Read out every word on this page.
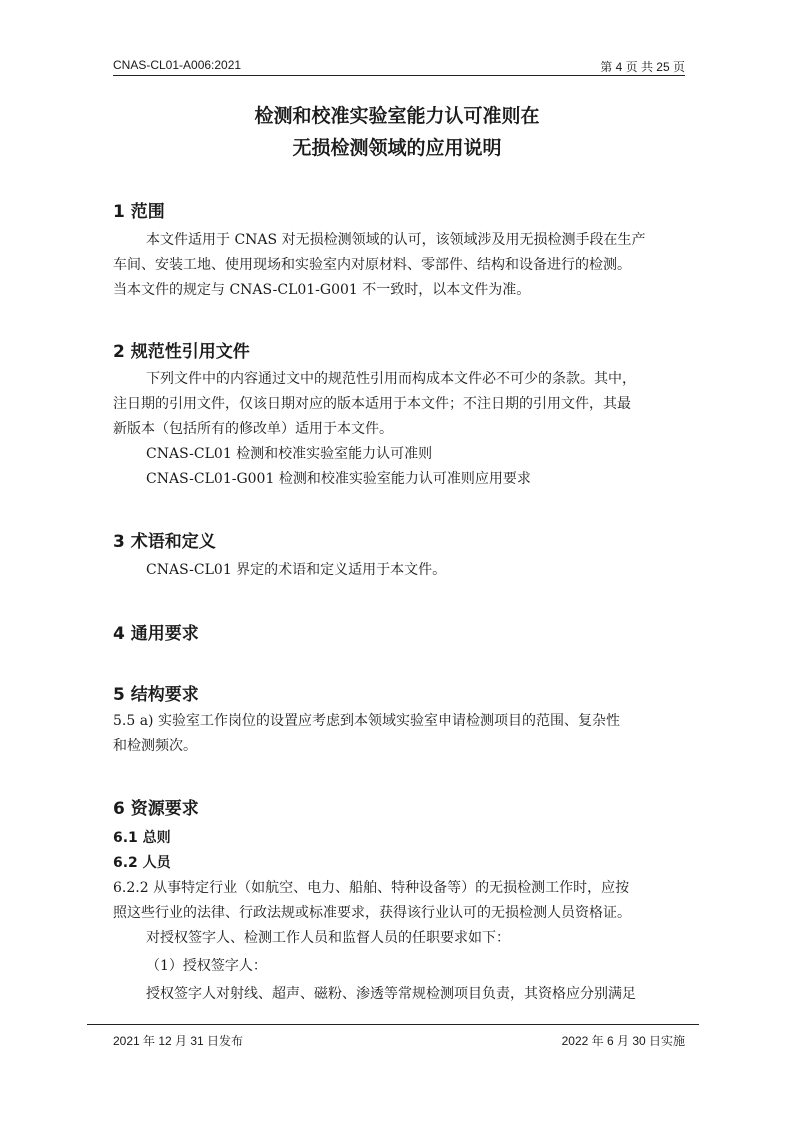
CNAS-CL01-A006:2021	第 4 页 共 25 页
检测和校准实验室能力认可准则在
无损检测领域的应用说明
1 范围
本文件适用于 CNAS 对无损检测领域的认可，该领域涉及用无损检测手段在生产
车间、安装工地、使用现场和实验室内对原材料、零部件、结构和设备进行的检测。
当本文件的规定与 CNAS-CL01-G001 不一致时，以本文件为准。
2 规范性引用文件
下列文件中的内容通过文中的规范性引用而构成本文件必不可少的条款。其中，
注日期的引用文件，仅该日期对应的版本适用于本文件；不注日期的引用文件，其最
新版本（包括所有的修改单）适用于本文件。
CNAS-CL01 检测和校准实验室能力认可准则
CNAS-CL01-G001 检测和校准实验室能力认可准则应用要求
3 术语和定义
CNAS-CL01 界定的术语和定义适用于本文件。
4 通用要求
5 结构要求
5.5 a) 实验室工作岗位的设置应考虑到本领域实验室申请检测项目的范围、复杂性
和检测频次。
6 资源要求
6.1 总则
6.2 人员
6.2.2 从事特定行业（如航空、电力、船舶、特种设备等）的无损检测工作时，应按
照这些行业的法律、行政法规或标准要求，获得该行业认可的无损检测人员资格证。
对授权签字人、检测工作人员和监督人员的任职要求如下：
（1）授权签字人：
授权签字人对射线、超声、磁粉、渗透等常规检测项目负责，其资格应分别满足
2021 年 12 月 31 日发布	2022 年 6 月 30 日实施
